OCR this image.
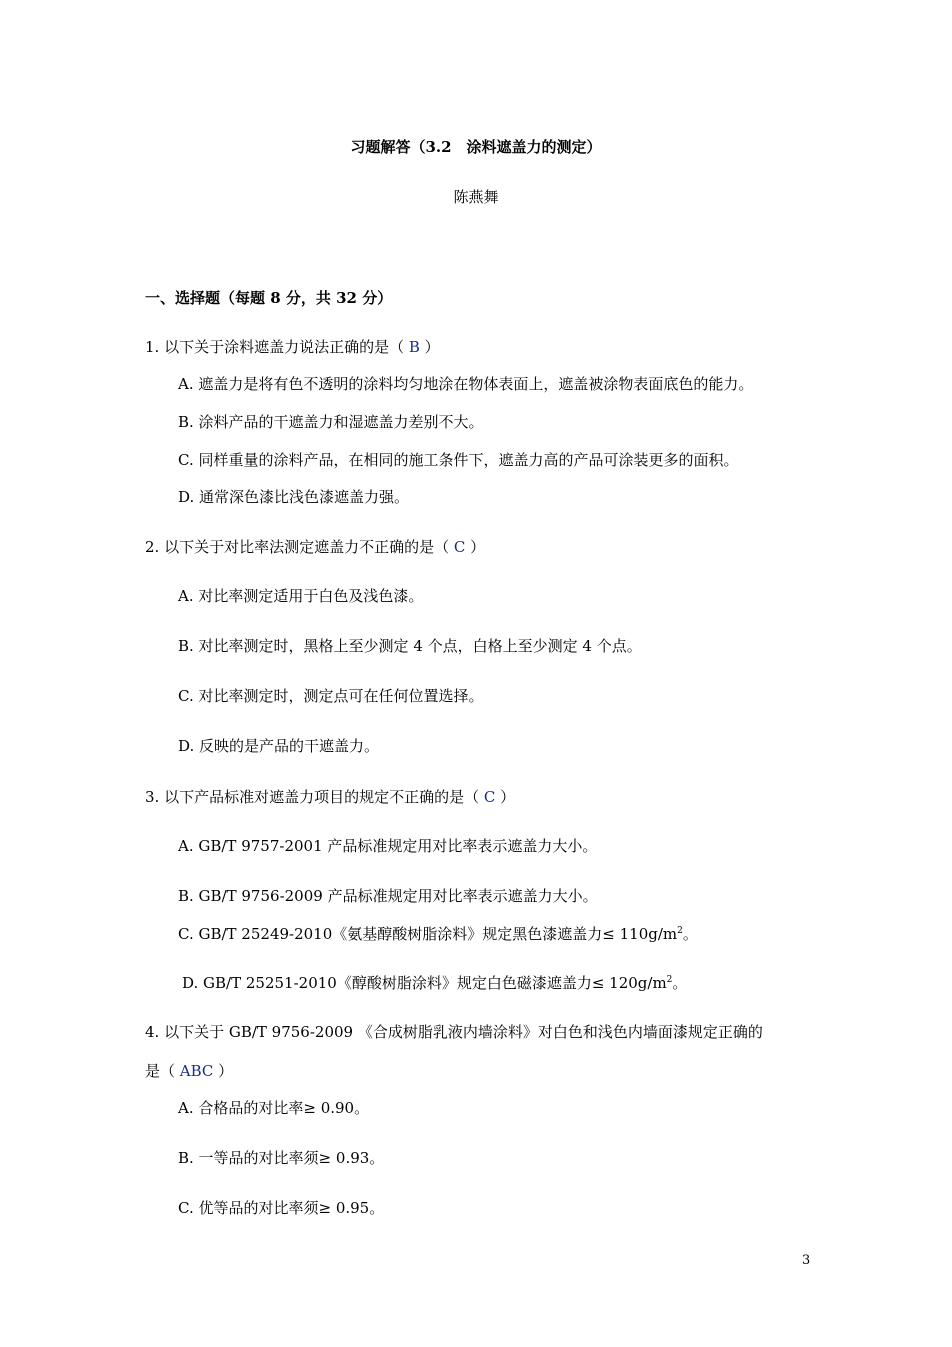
习题解答（3.2　涂料遮盖力的测定）
陈燕舞
一、选择题（每题 8 分，共 32 分）
1. 以下关于涂料遮盖力说法正确的是（ B ）
A. 遮盖力是将有色不透明的涂料均匀地涂在物体表面上，遮盖被涂物表面底色的能力。
B. 涂料产品的干遮盖力和湿遮盖力差别不大。
C. 同样重量的涂料产品，在相同的施工条件下，遮盖力高的产品可涂装更多的面积。
D. 通常深色漆比浅色漆遮盖力强。
2. 以下关于对比率法测定遮盖力不正确的是（ C ）
A. 对比率测定适用于白色及浅色漆。
B. 对比率测定时，黑格上至少测定 4 个点，白格上至少测定 4 个点。
C. 对比率测定时，测定点可在任何位置选择。
D. 反映的是产品的干遮盖力。
3. 以下产品标准对遮盖力项目的规定不正确的是（ C ）
A. GB/T 9757-2001 产品标准规定用对比率表示遮盖力大小。
B. GB/T 9756-2009 产品标准规定用对比率表示遮盖力大小。
C. GB/T 25249-2010《氨基醇酸树脂涂料》规定黑色漆遮盖力≤ $110g/m^2$。
D. GB/T 25251-2010《醇酸树脂涂料》规定白色磁漆遮盖力≤ $120g/m^2$。
4. 以下关于 GB/T 9756-2009 《合成树脂乳液内墙涂料》对白色和浅色内墙面漆规定正确的
是（ ABC ）
A. 合格品的对比率≥ 0.90。
B. 一等品的对比率须≥ 0.93。
C. 优等品的对比率须≥ 0.95。
3
